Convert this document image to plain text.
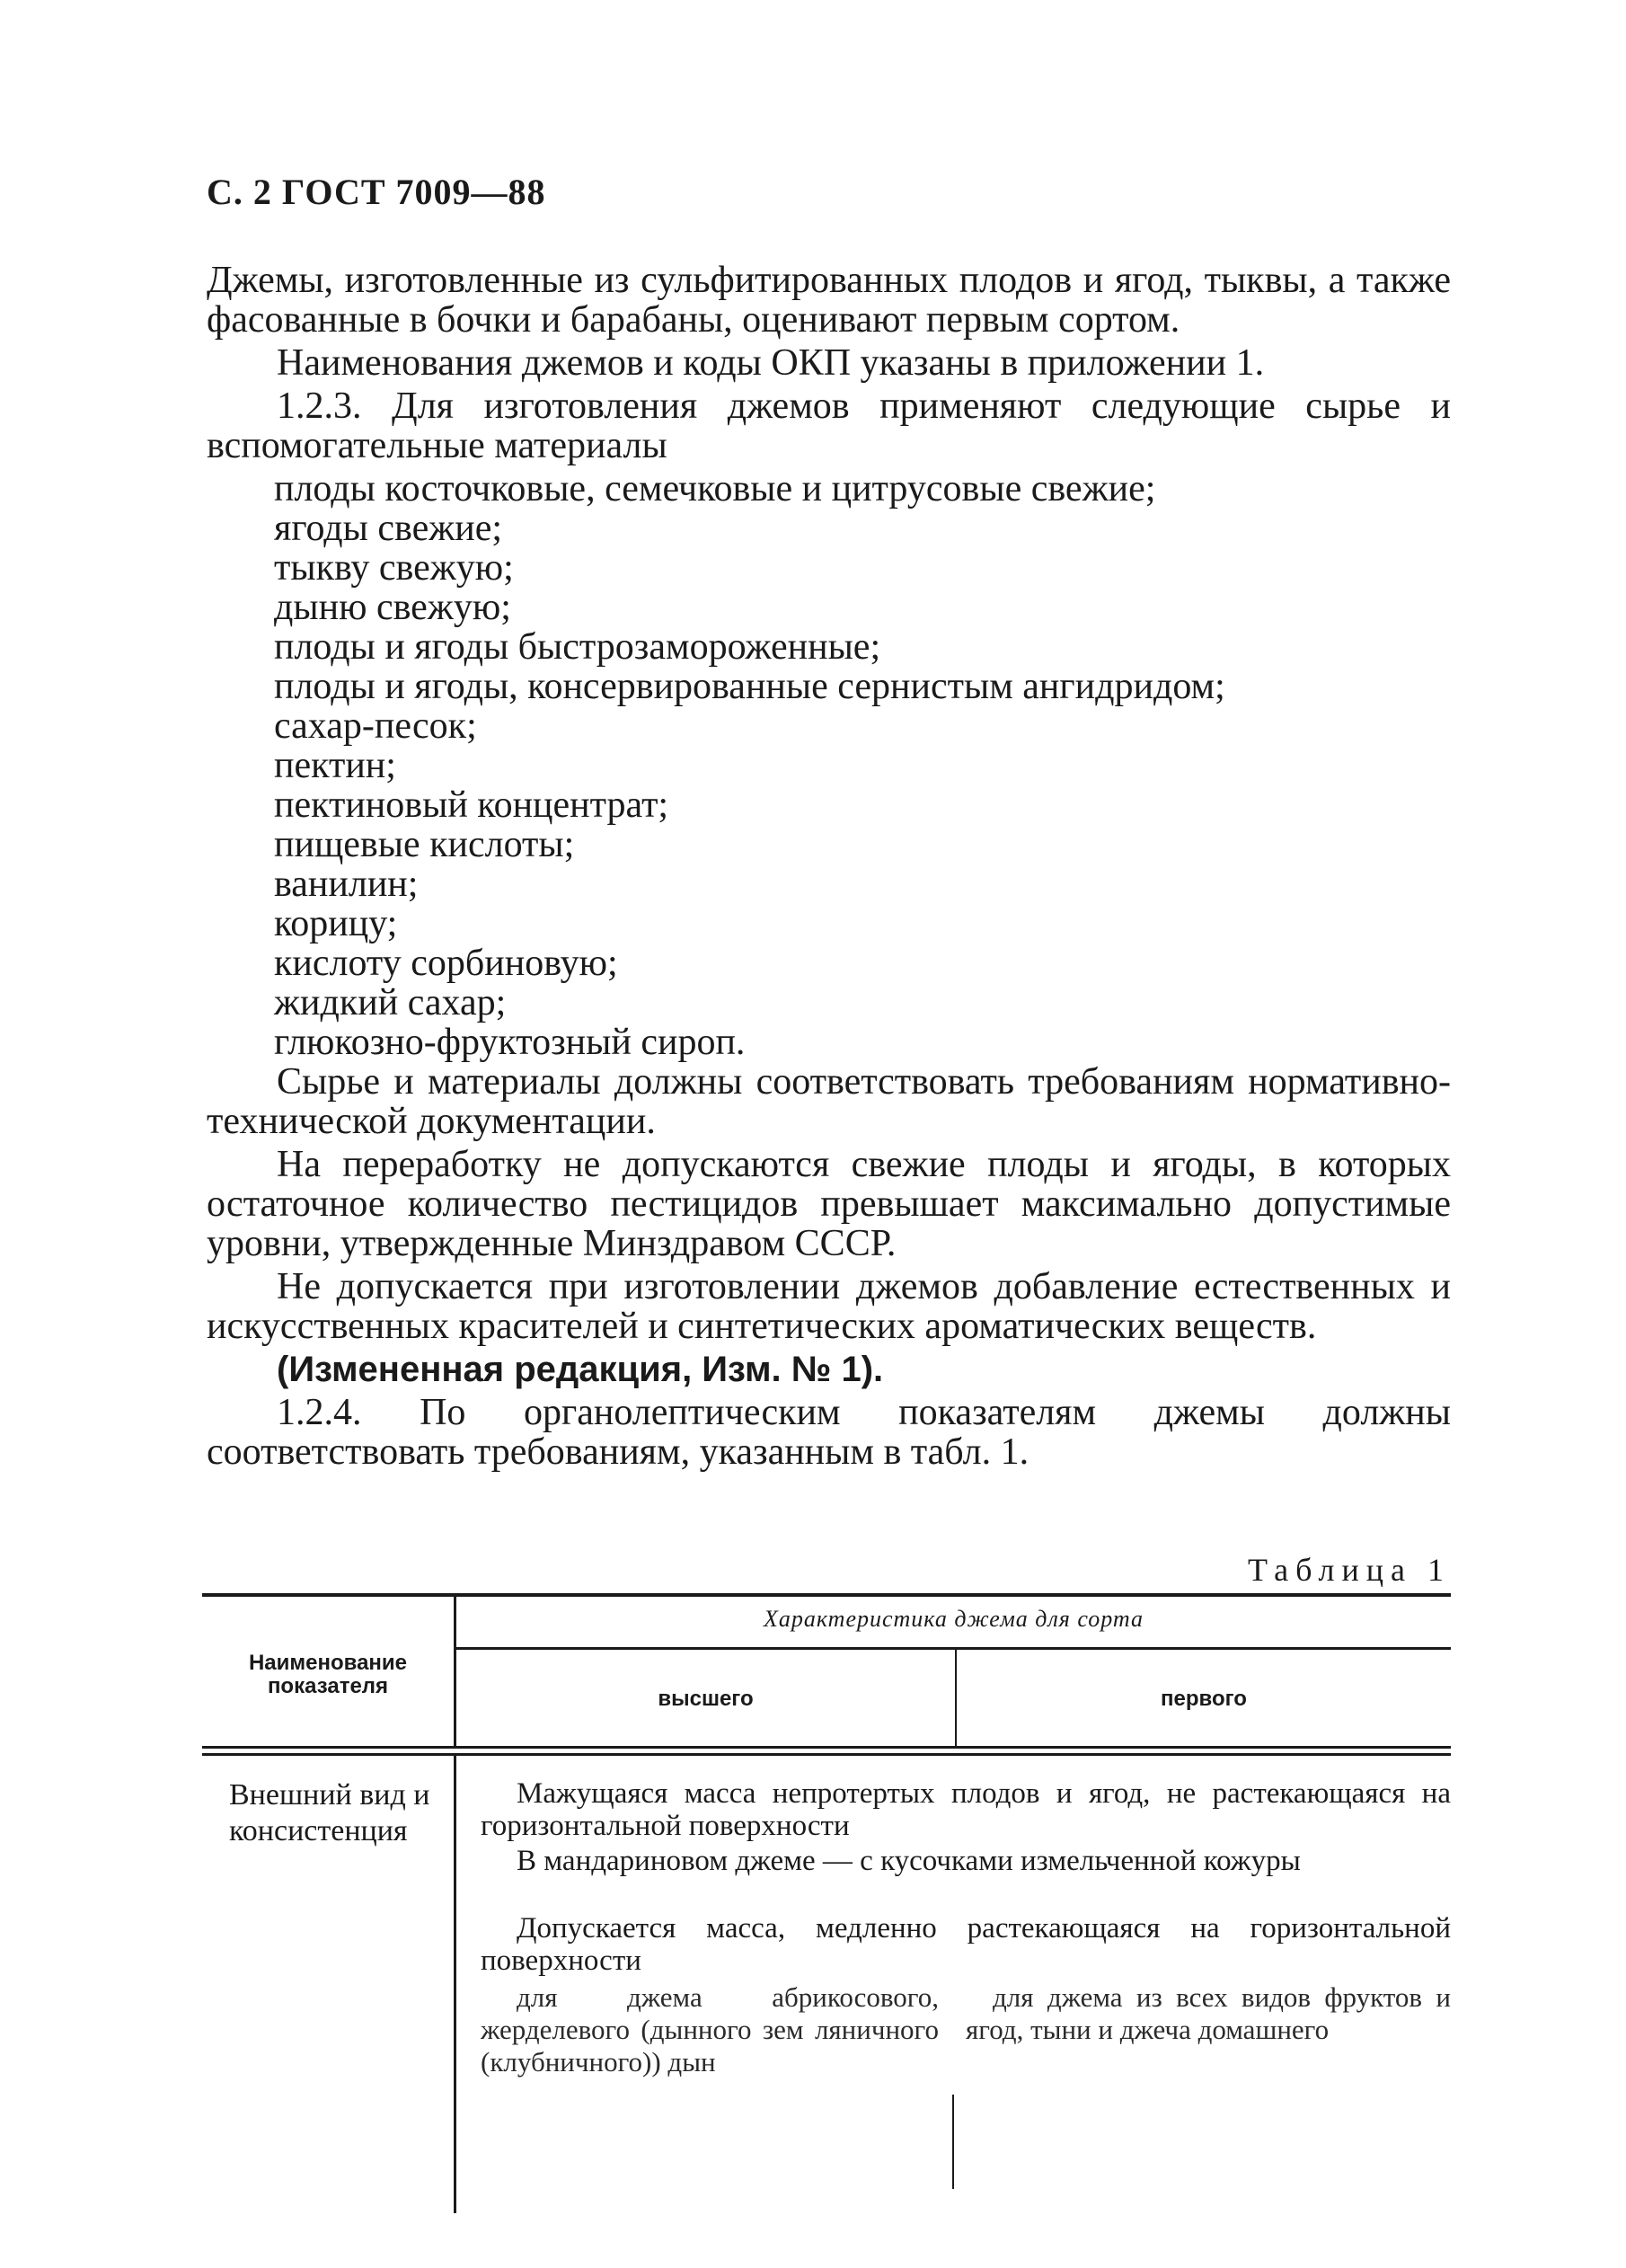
С. 2 ГОСТ 7009—88

Джемы, изготовленные из сульфитированных плодов и ягод, тыквы, а также фасованные в бочки и барабаны, оценивают первым сортом.

Наименования джемов и коды ОКП указаны в приложении 1.

1.2.3. Для изготовления джемов применяют следующие сырье и вспомогательные материалы

плоды косточковые, семечковые и цитрусовые свежие;
ягоды свежие;
тыкву свежую;
дыню свежую;
плоды и ягоды быстрозамороженные;
плоды и ягоды, консервированные сернистым ангидридом;
сахар-песок;
пектин;
пектиновый концентрат;
пищевые кислоты;
ванилин;
корицу;
кислоту сорбиновую;
жидкий сахар;
глюкозно-фруктозный сироп.

Сырье и материалы должны соответствовать требованиям нормативно-технической документации.

На переработку не допускаются свежие плоды и ягоды, в которых остаточное количество пестицидов превышает максимально допустимые уровни, утвержденные Минздравом СССР.

Не допускается при изготовлении джемов добавление естественных и искусственных красителей и синтетических ароматических веществ.

(Измененная редакция, Изм. № 1).

1.2.4. По органолептическим показателям джемы должны соответствовать требованиям, указанным в табл. 1.

Таблица 1
Наименование показателя
Характеристика джема для сорта
высшего	первого
Внешний вид и консистенция
Мажущаяся масса непротертых плодов и ягод, не растекающаяся на горизонтальной поверхности
В мандариновом джеме — с кусочками измельченной кожуры
Допускается масса, медленно растекающаяся на горизонтальной поверхности
для джема абрикосового, жерделевого (дынного зем ляничного (клубничного)) дын
для джема из всех видов фруктов и ягод, тыни и джеча домашнего
